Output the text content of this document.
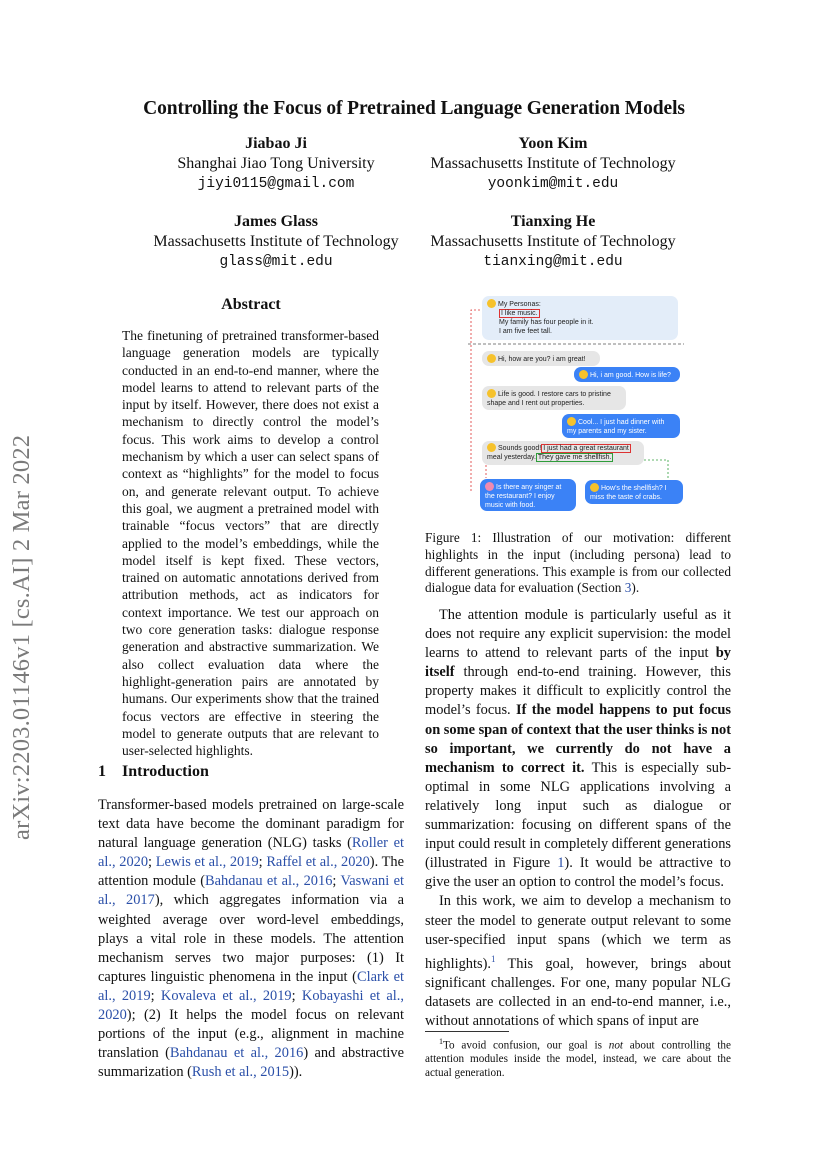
Controlling the Focus of Pretrained Language Generation Models
arXiv:2203.01146v1 [cs.AI] 2 Mar 2022
Jiabao Ji
Shanghai Jiao Tong University
jiyi0115@gmail.com
Yoon Kim
Massachusetts Institute of Technology
yoonkim@mit.edu
James Glass
Massachusetts Institute of Technology
glass@mit.edu
Tianxing He
Massachusetts Institute of Technology
tianxing@mit.edu
Abstract
The finetuning of pretrained transformer-based language generation models are typically conducted in an end-to-end manner, where the model learns to attend to relevant parts of the input by itself. However, there does not exist a mechanism to directly control the model’s focus. This work aims to develop a control mechanism by which a user can select spans of context as “highlights” for the model to focus on, and generate relevant output. To achieve this goal, we augment a pretrained model with trainable “focus vectors” that are directly applied to the model’s embeddings, while the model itself is kept fixed. These vectors, trained on automatic annotations derived from attribution methods, act as indicators for context importance. We test our approach on two core generation tasks: dialogue response generation and abstractive summarization. We also collect evaluation data where the highlight-generation pairs are annotated by humans. Our experiments show that the trained focus vectors are effective in steering the model to generate outputs that are relevant to user-selected highlights.
1 Introduction

Transformer-based models pretrained on large-scale text data have become the dominant paradigm for natural language generation (NLG) tasks (Roller et al., 2020; Lewis et al., 2019; Raffel et al., 2020). The attention module (Bahdanau et al., 2016; Vaswani et al., 2017), which aggregates information via a weighted average over word-level embeddings, plays a vital role in these models. The attention mechanism serves two major purposes: (1) It captures linguistic phenomena in the input (Clark et al., 2019; Kovaleva et al., 2019; Kobayashi et al., 2020); (2) It helps the model focus on relevant portions of the input (e.g., alignment in machine translation (Bahdanau et al., 2016) and abstractive summarization (Rush et al., 2015)).

My Personas:
I like music.
My family has four people in it.
I am five feet tall.
Hi, how are you? i am great!
Hi, i am good. How is life?
Life is good. I restore cars to pristine shape and I rent out properties.
Cool... I just had dinner with my parents and my sister.
Sounds good! I just had a great restaurant
meal yesterday. They gave me shellfish.
Is there any singer at the restaurant? I enjoy music with food.
How’s the shellfish? I miss the taste of crabs.
Figure 1: Illustration of our motivation: different highlights in the input (including persona) lead to different generations. This example is from our collected dialogue data for evaluation (Section 3).

The attention module is particularly useful as it does not require any explicit supervision: the model learns to attend to relevant parts of the input by itself through end-to-end training. However, this property makes it difficult to explicitly control the model’s focus. If the model happens to put focus on some span of context that the user thinks is not so important, we currently do not have a mechanism to correct it. This is especially sub-optimal in some NLG applications involving a relatively long input such as dialogue or summarization: focusing on different spans of the input could result in completely different generations (illustrated in Figure 1). It would be attractive to give the user an option to control the model’s focus.

In this work, we aim to develop a mechanism to steer the model to generate output relevant to some user-specified input spans (which we term as highlights).$^1$ This goal, however, brings about significant challenges. For one, many popular NLG datasets are collected in an end-to-end manner, i.e., without annotations of which spans of input are

$^1$To avoid confusion, our goal is not about controlling the attention modules inside the model, instead, we care about the actual generation.
